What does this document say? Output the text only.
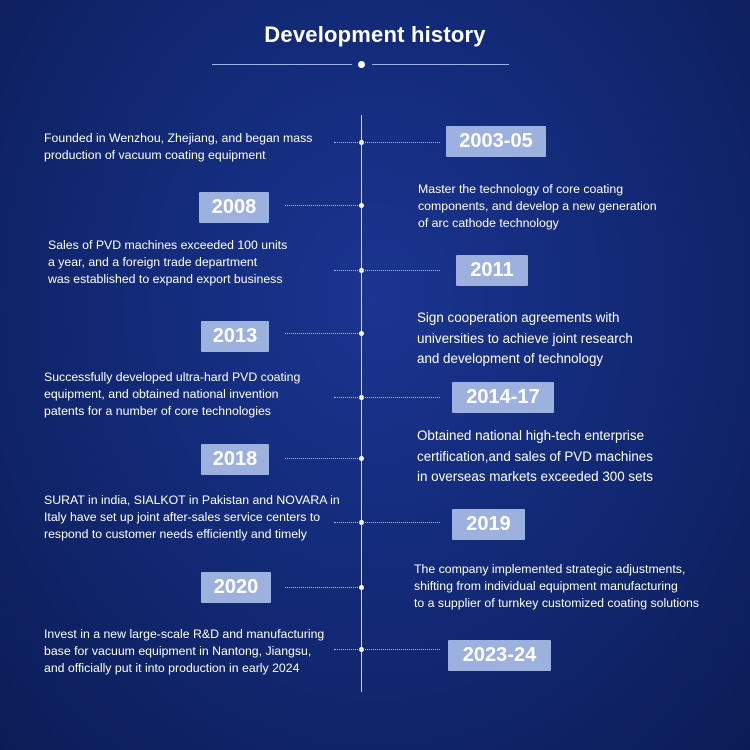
Development history
2003-05
Founded in Wenzhou, Zhejiang, and began mass
production of vacuum coating equipment
2008
Master the technology of core coating
components, and develop a new generation
of arc cathode technology
2011
Sales of PVD machines exceeded 100 units
a year, and a foreign trade department
was established to expand export business
2013
Sign cooperation agreements with
universities to achieve joint research
and development of technology
2014-17
Successfully developed ultra-hard PVD coating
equipment, and obtained national invention
patents for a number of core technologies
2018
Obtained national high-tech enterprise
certification,and sales of PVD machines
in overseas markets exceeded 300 sets
2019
SURAT in india, SIALKOT in Pakistan and NOVARA in
Italy have set up joint after-sales service centers to
respond to customer needs efficiently and timely
2020
The company implemented strategic adjustments,
shifting from individual equipment manufacturing
to a supplier of turnkey customized coating solutions
2023-24
Invest in a new large-scale R&D and manufacturing
base for vacuum equipment in Nantong, Jiangsu,
and officially put it into production in early 2024
